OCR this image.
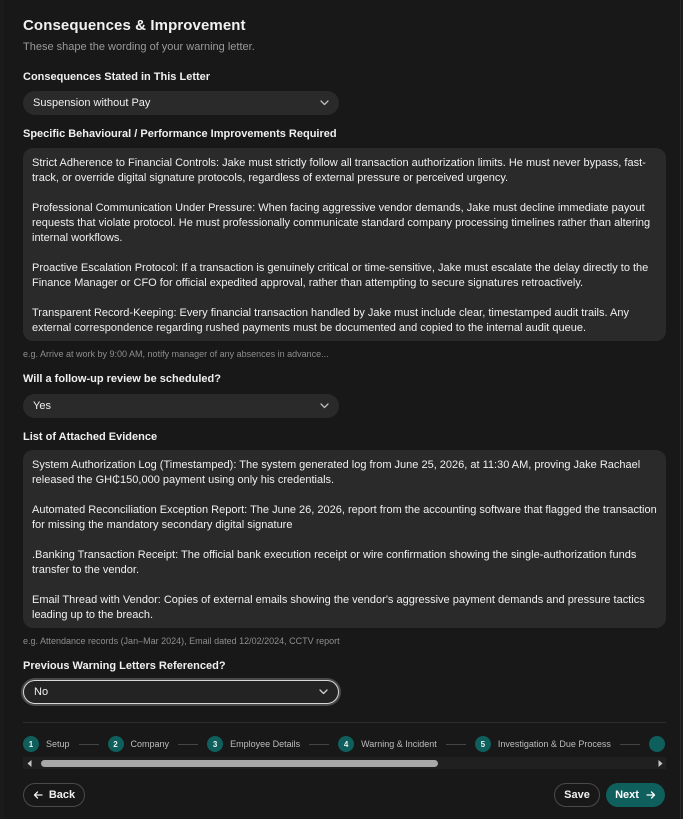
Consequences & Improvement
These shape the wording of your warning letter.
Consequences Stated in This Letter
Suspension without Pay
Specific Behavioural / Performance Improvements Required

Strict Adherence to Financial Controls: Jake must strictly follow all transaction authorization limits. He must never bypass, fast-track, or override digital signature protocols, regardless of external pressure or perceived urgency.

Professional Communication Under Pressure: When facing aggressive vendor demands, Jake must decline immediate payout requests that violate protocol. He must professionally communicate standard company processing timelines rather than altering internal workflows.

Proactive Escalation Protocol: If a transaction is genuinely critical or time-sensitive, Jake must escalate the delay directly to the Finance Manager or CFO for official expedited approval, rather than attempting to secure signatures retroactively.

Transparent Record-Keeping: Every financial transaction handled by Jake must include clear, timestamped audit trails. Any external correspondence regarding rushed payments must be documented and copied to the internal audit queue.

e.g. Arrive at work by 9:00 AM, notify manager of any absences in advance...
Will a follow-up review be scheduled?
Yes
List of Attached Evidence

System Authorization Log (Timestamped): The system generated log from June 25, 2026, at 11:30 AM, proving Jake Rachael released the GH₵150,000 payment using only his credentials.

Automated Reconciliation Exception Report: The June 26, 2026, report from the accounting software that flagged the transaction for missing the mandatory secondary digital signature

.Banking Transaction Receipt: The official bank execution receipt or wire confirmation showing the single-authorization funds transfer to the vendor.

Email Thread with Vendor: Copies of external emails showing the vendor's aggressive payment demands and pressure tactics leading up to the breach.

e.g. Attendance records (Jan–Mar 2024), Email dated 12/02/2024, CCTV report
Previous Warning Letters Referenced?
No
1	Setup	2	Company	3	Employee Details	4	Warning & Incident	5	Investigation & Due Process
Back	Save Next
